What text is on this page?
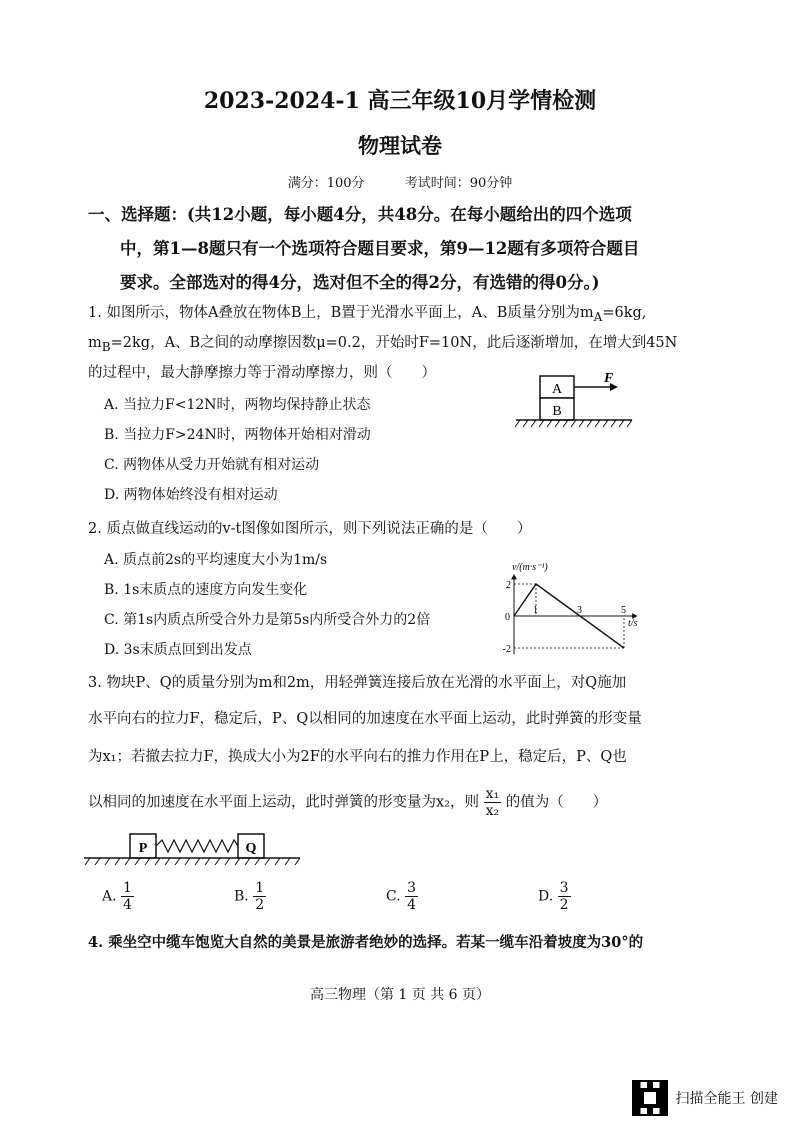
2023-2024-1 高三年级10月学情检测
物理试卷
满分：100分	考试时间：90分钟
一、选择题：(共12小题，每小题4分，共48分。在每小题给出的四个选项
中，第1—8题只有一个选项符合题目要求，第9—12题有多项符合题目
要求。全部选对的得4分，选对但不全的得2分，有选错的得0分。)
1. 如图所示，物体A叠放在物体B上，B置于光滑水平面上，A、B质量分别为$m_A=6kg$,
$m_B=2kg$，A、B之间的动摩擦因数μ=0.2，开始时F=10N，此后逐渐增加，在增大到45N
的过程中，最大静摩擦力等于滑动摩擦力，则（　　）
A. 当拉力F<12N时，两物均保持静止状态
B. 当拉力F>24N时，两物体开始相对滑动
C. 两物体从受力开始就有相对运动
D. 两物体始终没有相对运动
A
B
F
2. 质点做直线运动的v-t图像如图所示，则下列说法正确的是（　　）
A. 质点前2s的平均速度大小为1m/s
B. 1s末质点的速度方向发生变化
C. 第1s内质点所受合外力是第5s内所受合外力的2倍
D. 3s末质点回到出发点
v/(m·s⁻¹)
t/s
0
1	3	5
2
-2
3. 物块P、Q的质量分别为m和2m，用轻弹簧连接后放在光滑的水平面上，对Q施加
水平向右的拉力F，稳定后，P、Q以相同的加速度在水平面上运动，此时弹簧的形变量
为x₁；若撤去拉力F，换成大小为2F的水平向右的推力作用在P上，稳定后，P、Q也
以相同的加速度在水平面上运动，此时弹簧的形变量为x₂，则 $\frac{\text{x₁}}{\text{x₂}}$ 的值为（　　）
P	Q
A. $\frac{1}{4}$	B. $\frac{1}{2}$	C. $\frac{3}{4}$	D. $\frac{3}{2}$
4. 乘坐空中缆车饱览大自然的美景是旅游者绝妙的选择。若某一缆车沿着坡度为30°的
高三物理（第 1 页 共 6 页）
扫描全能王 创建
